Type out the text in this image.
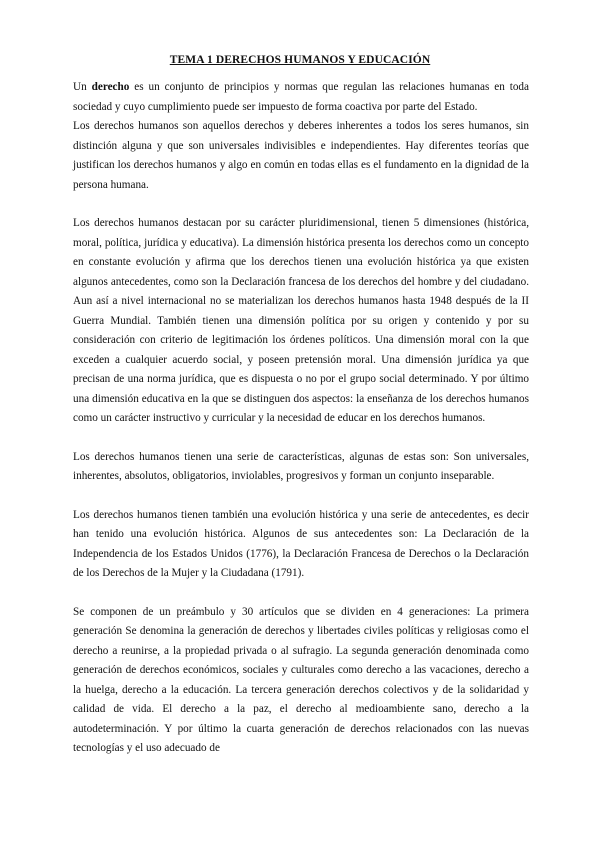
TEMA 1 DERECHOS HUMANOS Y EDUCACIÓN

Un derecho es un conjunto de principios y normas que regulan las relaciones humanas en toda sociedad y cuyo cumplimiento puede ser impuesto de forma coactiva por parte del Estado.

Los derechos humanos son aquellos derechos y deberes inherentes a todos los seres humanos, sin distinción alguna y que son universales indivisibles e independientes. Hay diferentes teorías que justifican los derechos humanos y algo en común en todas ellas es el fundamento en la dignidad de la persona humana.

Los derechos humanos destacan por su carácter pluridimensional, tienen 5 dimensiones (histórica, moral, política, jurídica y educativa). La dimensión histórica presenta los derechos como un concepto en constante evolución y afirma que los derechos tienen una evolución histórica ya que existen algunos antecedentes, como son la Declaración francesa de los derechos del hombre y del ciudadano. Aun así a nivel internacional no se materializan los derechos humanos hasta 1948 después de la II Guerra Mundial. También tienen una dimensión política por su origen y contenido y por su consideración con criterio de legitimación los órdenes políticos. Una dimensión moral con la que exceden a cualquier acuerdo social, y poseen pretensión moral. Una dimensión jurídica ya que precisan de una norma jurídica, que es dispuesta o no por el grupo social determinado. Y por último una dimensión educativa en la que se distinguen dos aspectos: la enseñanza de los derechos humanos como un carácter instructivo y curricular y la necesidad de educar en los derechos humanos.

Los derechos humanos tienen una serie de características, algunas de estas son: Son universales, inherentes, absolutos, obligatorios, inviolables, progresivos y forman un conjunto inseparable.

Los derechos humanos tienen también una evolución histórica y una serie de antecedentes, es decir han tenido una evolución histórica. Algunos de sus antecedentes son: La Declaración de la Independencia de los Estados Unidos (1776), la Declaración Francesa de Derechos o la Declaración de los Derechos de la Mujer y la Ciudadana (1791).

Se componen de un preámbulo y 30 artículos que se dividen en 4 generaciones: La primera generación Se denomina la generación de derechos y libertades civiles políticas y religiosas como el derecho a reunirse, a la propiedad privada o al sufragio. La segunda generación denominada como generación de derechos económicos, sociales y culturales como derecho a las vacaciones, derecho a la huelga, derecho a la educación. La tercera generación derechos colectivos y de la solidaridad y calidad de vida. El derecho a la paz, el derecho al medioambiente sano, derecho a la autodeterminación. Y por último la cuarta generación de derechos relacionados con las nuevas tecnologías y el uso adecuado de
